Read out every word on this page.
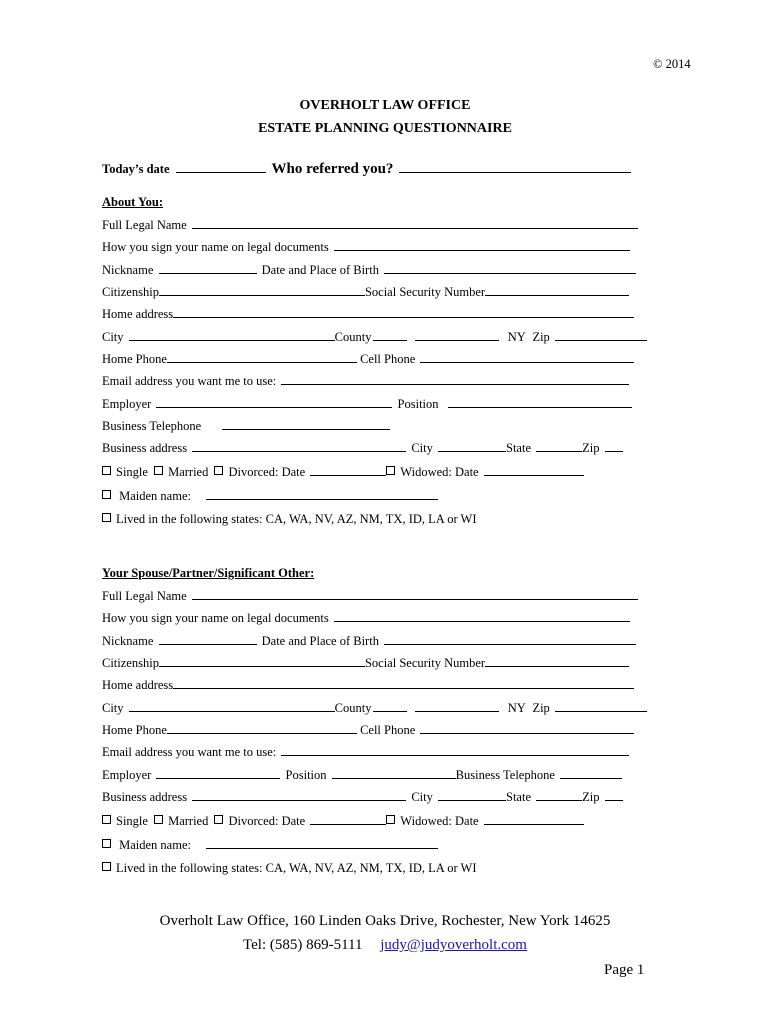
© 2014
OVERHOLT LAW OFFICE
ESTATE PLANNING QUESTIONNAIRE
Today’s date	Who referred you?
About You:
Full Legal Name
How you sign your name on legal documents
Nickname	Date and Place of Birth
Citizenship	Social Security Number
Home address
City	County	NY Zip
Home Phone	Cell Phone
Email address you want me to use:
Employer	Position
Business Telephone
Business address	City	State	Zip
Single Married Divorced: Date	Widowed: Date
Maiden name:
Lived in the following states: CA, WA, NV, AZ, NM, TX, ID, LA or WI
Your Spouse/Partner/Significant Other:
Full Legal Name
How you sign your name on legal documents
Nickname	Date and Place of Birth
Citizenship	Social Security Number
Home address
City	County	NY Zip
Home Phone	Cell Phone
Email address you want me to use:
Employer	Position	Business Telephone
Business address	City	State	Zip
Single Married Divorced: Date	Widowed: Date
Maiden name:
Lived in the following states: CA, WA, NV, AZ, NM, TX, ID, LA or WI
Overholt Law Office, 160 Linden Oaks Drive, Rochester, New York 14625
Tel: (585) 869-5111 judy@judyoverholt.com
Page 1
